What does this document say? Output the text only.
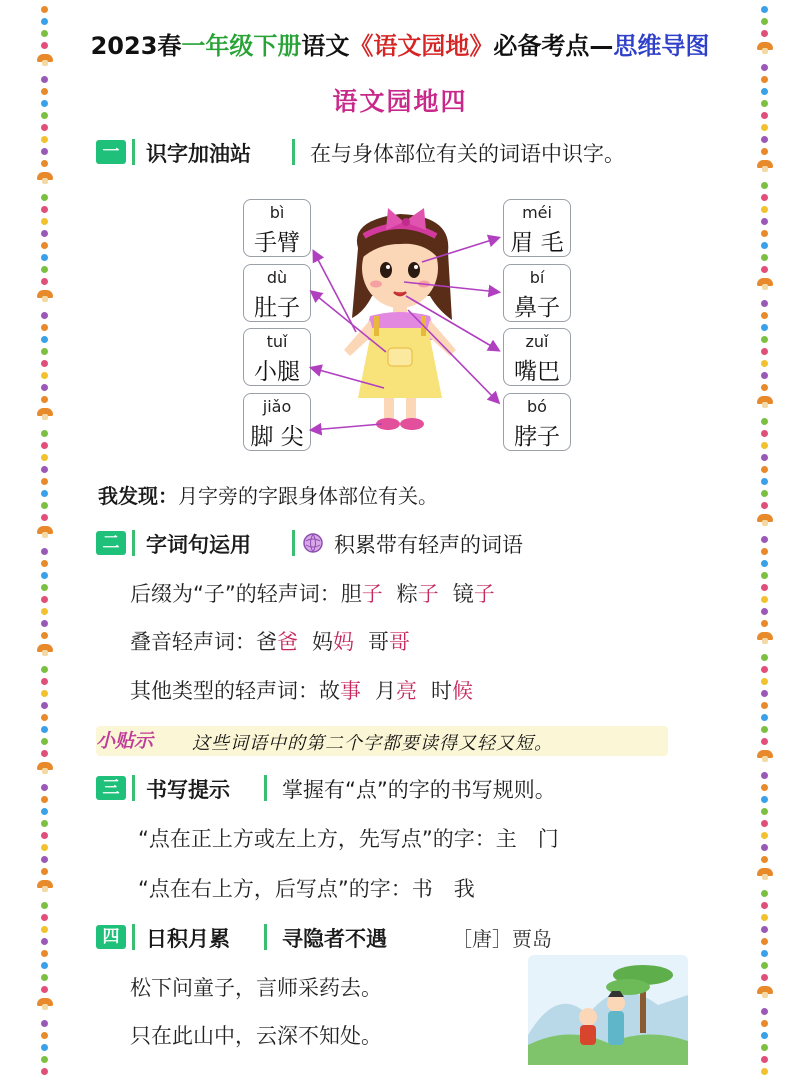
2023春一年级下册语文《语文园地》必备考点—思维导图
语文园地四
一	识字加油站	在与身体部位有关的词语中识字。
bì
手臂
dù
肚子
tuǐ
小腿
jiǎo
脚 尖
méi
眉 毛
bí
鼻子
zuǐ
嘴巴
bó
脖子
我发现：月字旁的字跟身体部位有关。
二	字词句运用	积累带有轻声的词语
后缀为“子”的轻声词：胆子 粽子 镜子
叠音轻声词：爸爸 妈妈 哥哥
其他类型的轻声词：故事 月亮 时候
小贴示 这些词语中的第二个字都要读得又轻又短。
三	书写提示 掌握有“点”的字的书写规则。
“点在正上方或左上方，先写点”的字：主　门
“点在右上方，后写点”的字：书　我
四	日积月累 寻隐者不遇	［唐］贾岛
松下问童子，言师采药去。
只在此山中，云深不知处。
